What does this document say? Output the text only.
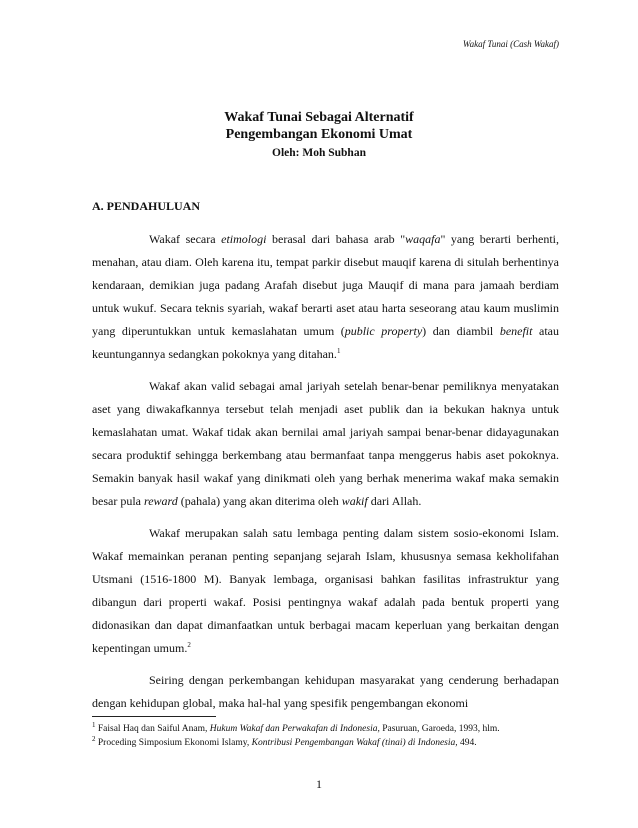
Wakaf Tunai (Cash Wakaf)
Wakaf Tunai Sebagai Alternatif
Pengembangan Ekonomi Umat
Oleh: Moh Subhan
A. PENDAHULUAN

Wakaf secara etimologi berasal dari bahasa arab "waqafa" yang berarti berhenti, menahan, atau diam. Oleh karena itu, tempat parkir disebut mauqif karena di situlah berhentinya kendaraan, demikian juga padang Arafah disebut juga Mauqif di mana para jamaah berdiam untuk wukuf. Secara teknis syariah, wakaf berarti aset atau harta seseorang atau kaum muslimin yang diperuntukkan untuk kemaslahatan umum (public property) dan diambil benefit atau keuntungannya sedangkan pokoknya yang ditahan.$^1$

Wakaf akan valid sebagai amal jariyah setelah benar-benar pemiliknya menyatakan aset yang diwakafkannya tersebut telah menjadi aset publik dan ia bekukan haknya untuk kemaslahatan umat. Wakaf tidak akan bernilai amal jariyah sampai benar-benar didayagunakan secara produktif sehingga berkembang atau bermanfaat tanpa menggerus habis aset pokoknya. Semakin banyak hasil wakaf yang dinikmati oleh yang berhak menerima wakaf maka semakin besar pula reward (pahala) yang akan diterima oleh wakif dari Allah.

Wakaf merupakan salah satu lembaga penting dalam sistem sosio-ekonomi Islam. Wakaf memainkan peranan penting sepanjang sejarah Islam, khususnya semasa kekholifahan Utsmani (1516-1800 M). Banyak lembaga, organisasi bahkan fasilitas infrastruktur yang dibangun dari properti wakaf. Posisi pentingnya wakaf adalah pada bentuk properti yang didonasikan dan dapat dimanfaatkan untuk berbagai macam keperluan yang berkaitan dengan kepentingan umum.$^2$

Seiring dengan perkembangan kehidupan masyarakat yang cenderung berhadapan dengan kehidupan global, maka hal-hal yang spesifik pengembangan ekonomi

$^1$ Faisal Haq dan Saiful Anam, Hukum Wakaf dan Perwakafan di Indonesia, Pasuruan, Garoeda, 1993, hlm.

$^2$ Proceding Simposium Ekonomi Islamy, Kontribusi Pengembangan Wakaf (tinai) di Indonesia, 494.

1
